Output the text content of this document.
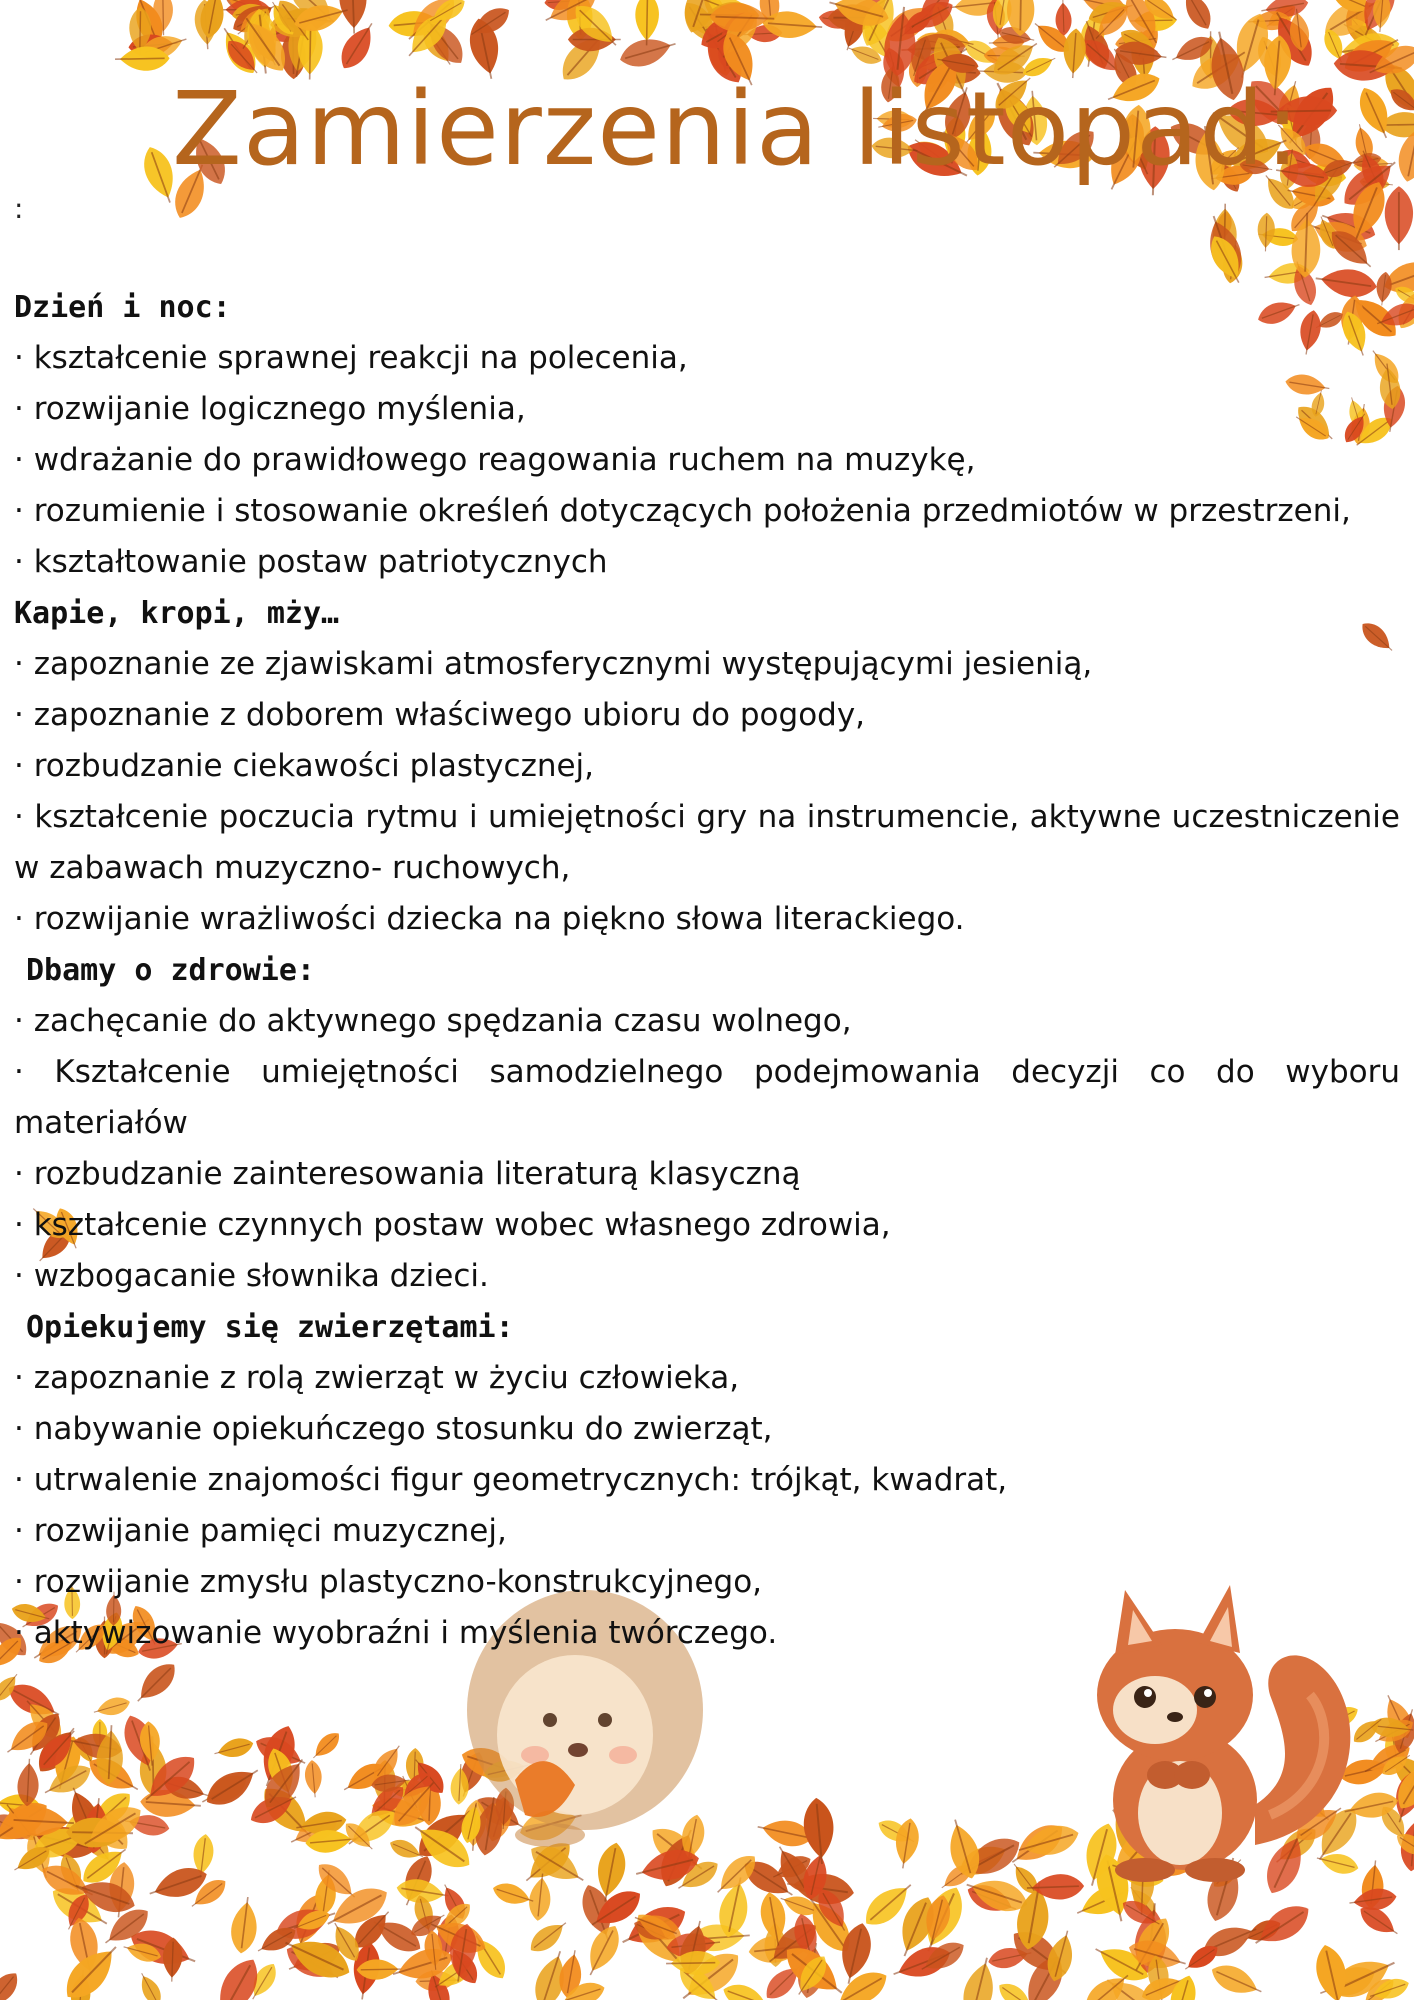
Zamierzenia listopad:
:
Dzień i noc:
· kształcenie sprawnej reakcji na polecenia,
· rozwijanie logicznego myślenia,
· wdrażanie do prawidłowego reagowania ruchem na muzykę,
· rozumienie i stosowanie określeń dotyczących położenia przedmiotów w przestrzeni,
· kształtowanie postaw patriotycznych
Kapie, kropi, mży…
· zapoznanie ze zjawiskami atmosferycznymi występującymi jesienią,
· zapoznanie z doborem właściwego ubioru do pogody,
· rozbudzanie ciekawości plastycznej,
· kształcenie poczucia rytmu i umiejętności gry na instrumencie, aktywne uczestniczenie w zabawach muzyczno- ruchowych,
· rozwijanie wrażliwości dziecka na piękno słowa literackiego.
Dbamy o zdrowie:
· zachęcanie do aktywnego spędzania czasu wolnego,
· Kształcenie umiejętności samodzielnego podejmowania decyzji co do wyboru materiałów
· rozbudzanie zainteresowania literaturą klasyczną
· kształcenie czynnych postaw wobec własnego zdrowia,
· wzbogacanie słownika dzieci.
Opiekujemy się zwierzętami:
· zapoznanie z rolą zwierząt w życiu człowieka,
· nabywanie opiekuńczego stosunku do zwierząt,
· utrwalenie znajomości figur geometrycznych: trójkąt, kwadrat,
· rozwijanie pamięci muzycznej,
· rozwijanie zmysłu plastyczno-konstrukcyjnego,
· aktywizowanie wyobraźni i myślenia twórczego.
